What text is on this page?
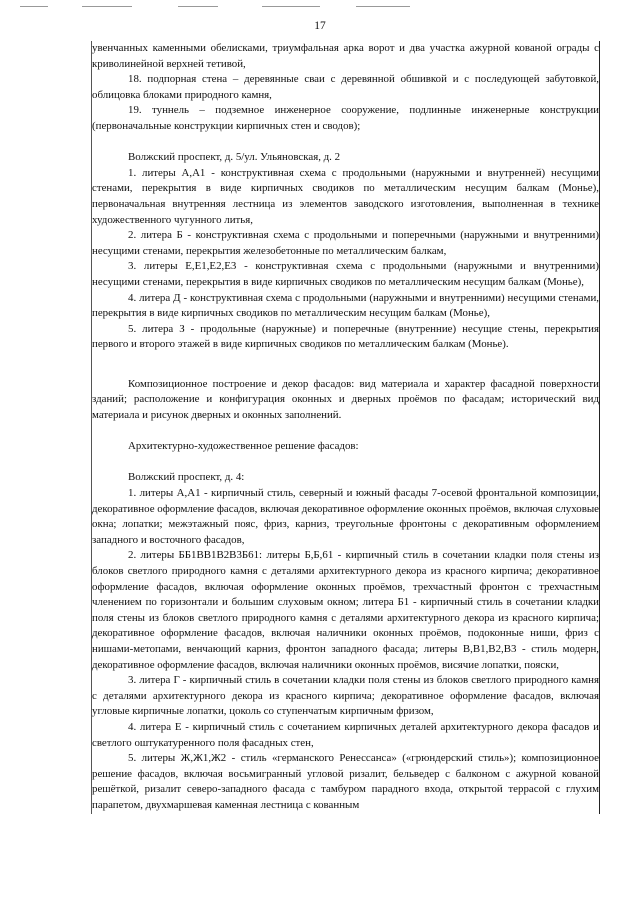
17

увенчанных каменными обелисками, триумфальная арка ворот и два участка ажурной кованой ограды с криволинейной верхней тетивой,

18. подпорная стена – деревянные сваи с деревянной обшивкой и с последующей забутовкой, облицовка блоками природного камня,

19. туннель – подземное инженерное сооружение, подлинные инженерные конструкции (первоначальные конструкции кирпичных стен и сводов);

Волжский проспект, д. 5/ул. Ульяновская, д. 2

1. литеры А,А1 - конструктивная схема с продольными (наружными и внутренней) несущими стенами, перекрытия в виде кирпичных сводиков по металлическим несущим балкам (Монье), первоначальная внутренняя лестница из элементов заводского изготовления, выполненная в технике художественного чугунного литья,

2. литера Б - конструктивная схема с продольными и поперечными (наружными и внутренними) несущими стенами, перекрытия железобетонные по металлическим балкам,

3. литеры Е,Е1,Е2,Е3 - конструктивная схема с продольными (наружными и внутренними) несущими стенами, перекрытия в виде кирпичных сводиков по металлическим несущим балкам (Монье),

4. литера Д - конструктивная схема с продольными (наружными и внутренними) несущими стенами, перекрытия в виде кирпичных сводиков по металлическим несущим балкам (Монье),

5. литера З - продольные (наружные) и поперечные (внутренние) несущие стены, перекрытия первого и второго этажей в виде кирпичных сводиков по металлическим балкам (Монье).

Композиционное построение и декор фасадов: вид материала и характер фасадной поверхности зданий; расположение и конфигурация оконных и дверных проёмов по фасадам; исторический вид материала и рисунок дверных и оконных заполнений.

Архитектурно-художественное решение фасадов:

Волжский проспект, д. 4:

1. литеры А,А1 - кирпичный стиль, северный и южный фасады 7-осевой фронтальной композиции, декоративное оформление фасадов, включая декоративное оформление оконных проёмов, включая слуховые окна; лопатки; межэтажный пояс, фриз, карниз, треугольные фронтоны с декоративным оформлением западного и восточного фасадов,

2. литеры ББ1ВВ1В2В3Б61: литеры Б,Б,61 - кирпичный стиль в сочетании кладки поля стены из блоков светлого природного камня с деталями архитектурного декора из красного кирпича; декоративное оформление фасадов, включая оформление оконных проёмов, трехчастный фронтон с трехчастным членением по горизонтали и большим слуховым окном; литера Б1 - кирпичный стиль в сочетании кладки поля стены из блоков светлого природного камня с деталями архитектурного декора из красного кирпича; декоративное оформление фасадов, включая наличники оконных проёмов, подоконные ниши, фриз с нишами-метопами, венчающий карниз, фронтон западного фасада; литеры В,В1,В2,В3 - стиль модерн, декоративное оформление фасадов, включая наличники оконных проёмов, висячие лопатки, пояски,

3. литера Г - кирпичный стиль в сочетании кладки поля стены из блоков светлого природного камня с деталями архитектурного декора из красного кирпича; декоративное оформление фасадов, включая угловые кирпичные лопатки, цоколь со ступенчатым кирпичным фризом,

4. литера Е - кирпичный стиль с сочетанием кирпичных деталей архитектурного декора фасадов и светлого оштукатуренного поля фасадных стен,

5. литеры Ж,Ж1,Ж2 - стиль «германского Ренессанса» («грюндерский стиль»); композиционное решение фасадов, включая восьмигранный угловой ризалит, бельведер с балконом с ажурной кованой решёткой, ризалит северо-западного фасада с тамбуром парадного входа, открытой террасой с глухим парапетом, двухмаршевая каменная лестница с кованным
